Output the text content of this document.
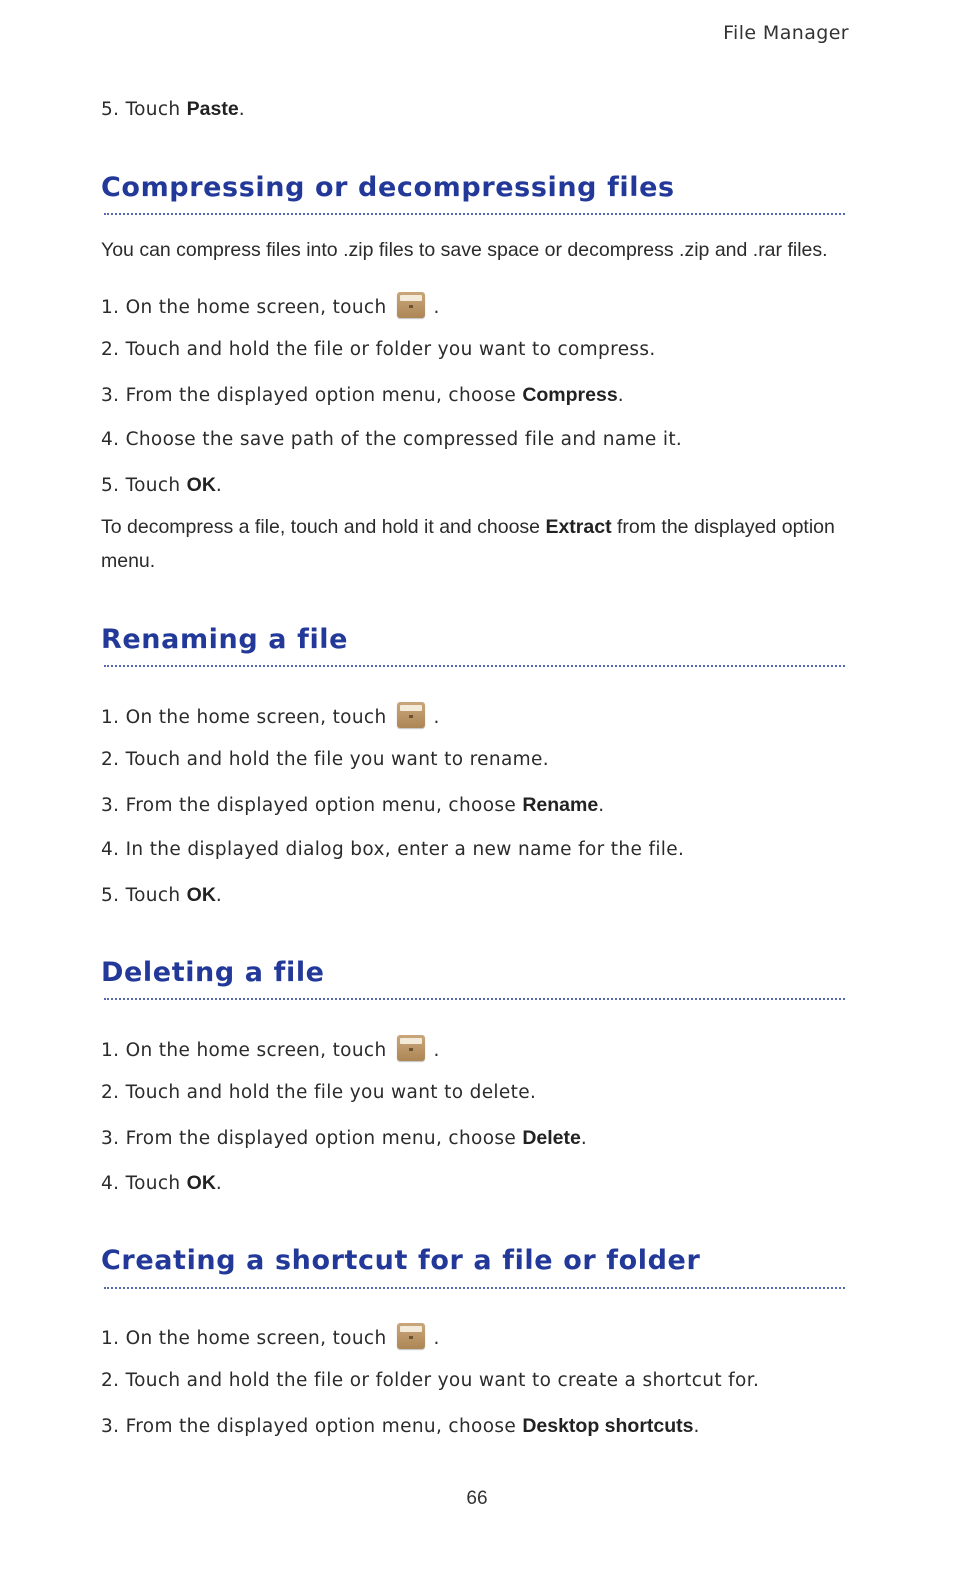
File Manager
5. Touch Paste.
Compressing or decompressing files
You can compress files into .zip files to save space or decompress .zip and .rar files.
1. On the home screen, touch	.
2. Touch and hold the file or folder you want to compress.
3. From the displayed option menu, choose Compress.
4. Choose the save path of the compressed file and name it.
5. Touch OK.
To decompress a file, touch and hold it and choose Extract from the displayed option menu.
Renaming a file
1. On the home screen, touch	.
2. Touch and hold the file you want to rename.
3. From the displayed option menu, choose Rename.
4. In the displayed dialog box, enter a new name for the file.
5. Touch OK.
Deleting a file
1. On the home screen, touch	.
2. Touch and hold the file you want to delete.
3. From the displayed option menu, choose Delete.
4. Touch OK.
Creating a shortcut for a file or folder
1. On the home screen, touch	.
2. Touch and hold the file or folder you want to create a shortcut for.
3. From the displayed option menu, choose Desktop shortcuts.
66
